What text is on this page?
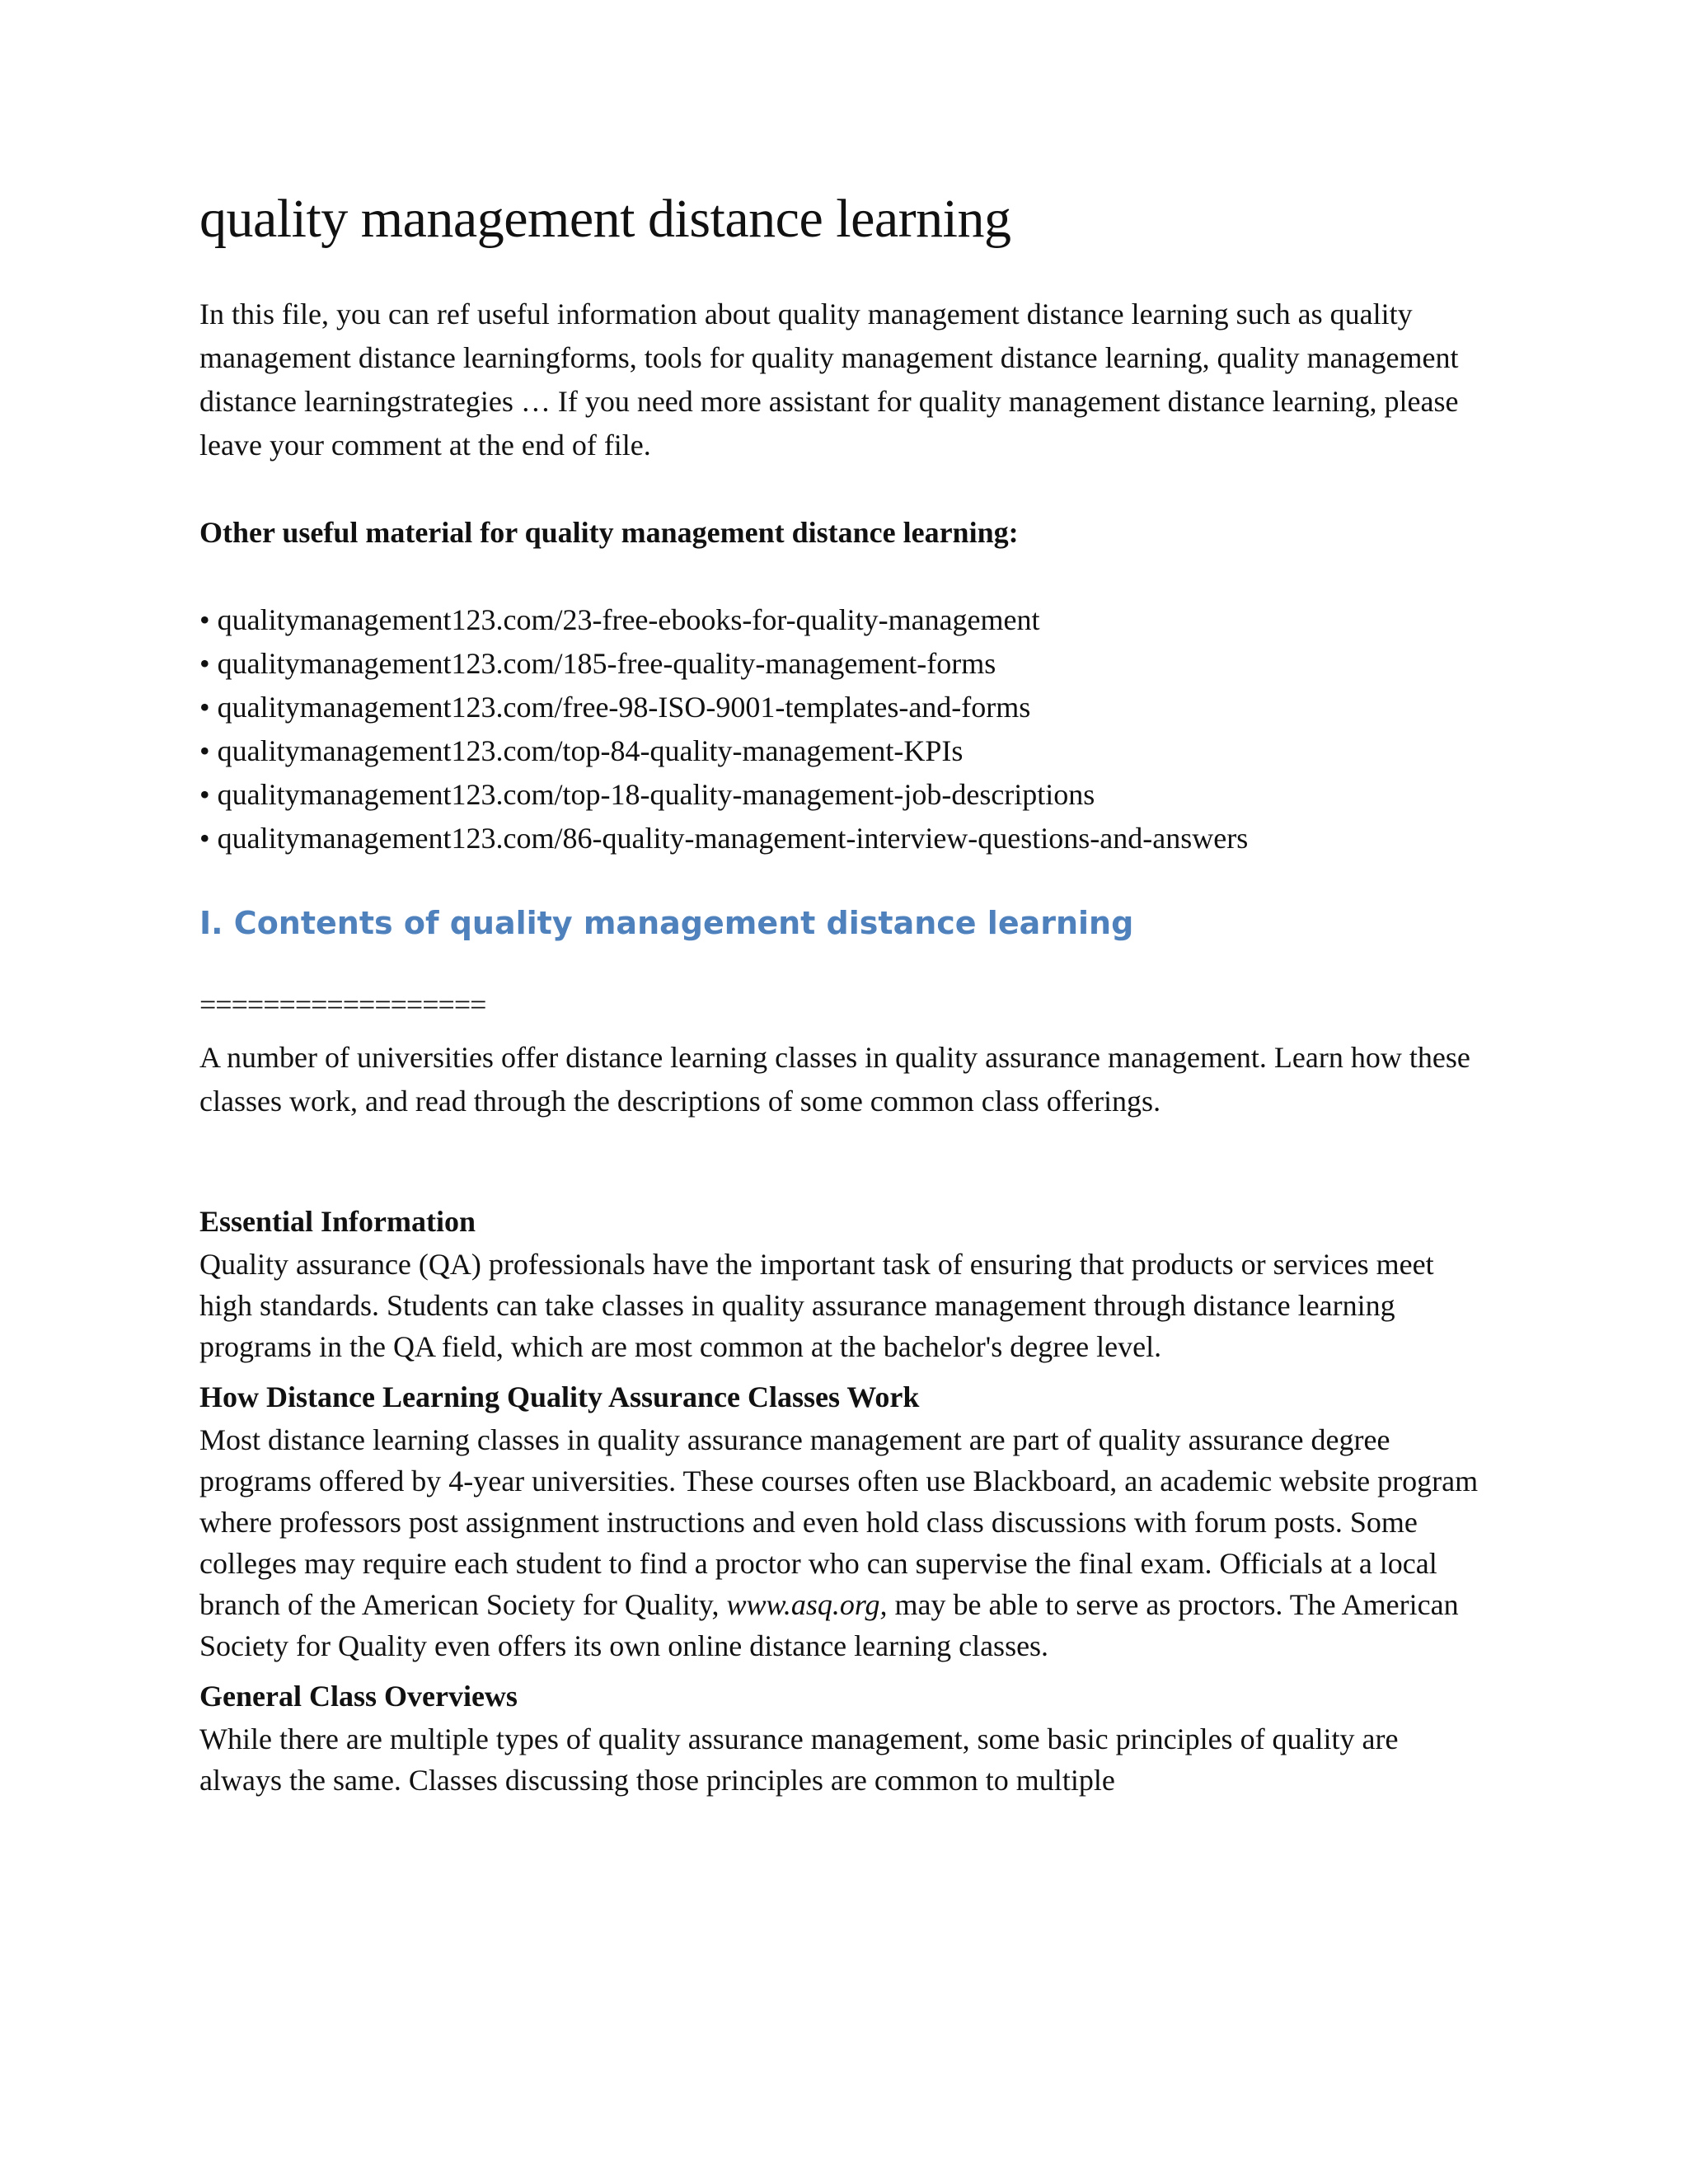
quality management distance learning

In this file, you can ref useful information about quality management distance learning such as quality management distance learningforms, tools for quality management distance learning, quality management distance learningstrategies … If you need more assistant for quality management distance learning, please leave your comment at the end of file.

Other useful material for quality management distance learning:

• qualitymanagement123.com/23-free-ebooks-for-quality-management
• qualitymanagement123.com/185-free-quality-management-forms
• qualitymanagement123.com/free-98-ISO-9001-templates-and-forms
• qualitymanagement123.com/top-84-quality-management-KPIs
• qualitymanagement123.com/top-18-quality-management-job-descriptions
• qualitymanagement123.com/86-quality-management-interview-questions-and-answers
I. Contents of quality management distance learning
==================

A number of universities offer distance learning classes in quality assurance management. Learn how these classes work, and read through the descriptions of some common class offerings.

Essential Information

Quality assurance (QA) professionals have the important task of ensuring that products or services meet high standards. Students can take classes in quality assurance management through distance learning programs in the QA field, which are most common at the bachelor's degree level.

How Distance Learning Quality Assurance Classes Work

Most distance learning classes in quality assurance management are part of quality assurance degree programs offered by 4-year universities. These courses often use Blackboard, an academic website program where professors post assignment instructions and even hold class discussions with forum posts. Some colleges may require each student to find a proctor who can supervise the final exam. Officials at a local branch of the American Society for Quality, www.asq.org, may be able to serve as proctors. The American Society for Quality even offers its own online distance learning classes.

General Class Overviews

While there are multiple types of quality assurance management, some basic principles of quality are always the same. Classes discussing those principles are common to multiple
